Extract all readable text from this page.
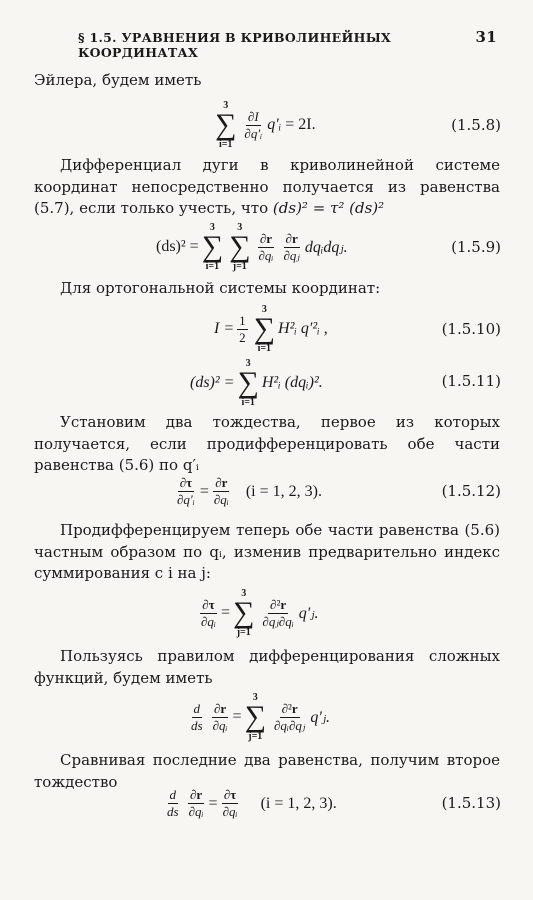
§ 1.5. УРАВНЕНИЯ В КРИВОЛИНЕЙНЫХ КООРДИНАТАХ
31
Эйлера, будем иметь
3
∑
i=1
$\frac{\partial I}{\text{∂q′ᵢ}}$ q′ᵢ
= 2I.	(1.5.8)
Дифференциал дуги в криволинейной системе координат непосредственно получается из равенства (5.7), если только учесть, что (ds)² = τ² (ds)²
(ds)² =
3
∑
i=1
3
∑
j=1
$\frac{\partial r}{\text{∂qᵢ}} \frac{\partial r}{\text{∂qⱼ}}$ dqᵢdqⱼ.	(1.5.9)
Для ортогональной системы координат:
$I = \frac{1}{2}$
3
∑
i=1
H²ᵢ q′²ᵢ ,	(1.5.10)
(ds)² =
3
∑
i=1
H²ᵢ (dqᵢ)².	(1.5.11)
Установим два тождества, первое из которых получается, если продифференцировать обе части равенства (5.6) по q′ᵢ
$\frac{\partial\tau}{\text{∂q′ᵢ}} = \frac{\partial r}{\text{∂qᵢ}} (i = 1$, 2, 3).	(1.5.12)
Продифференцируем теперь обе части равенства (5.6) частным образом по qᵢ, изменив предварительно индекс суммирования с i на j:
$\frac{\partial\tau}{\text{∂qᵢ}}$ =
3
∑
j=1
$\frac{\text{∂²r}}{\text{∂qⱼ∂qᵢ}}$ q′ⱼ.
Пользуясь правилом дифференцирования сложных функций, будем иметь
$\frac{d}{ds} \frac{\partial r}{\text{∂qᵢ}}$ =
3
∑
j=1
$\frac{\text{∂²r}}{\text{∂qᵢ∂qⱼ}}$ q′ⱼ.
Сравнивая последние два равенства, получим второе тождество
$\frac{d}{ds} \frac{\partial r}{\text{∂qᵢ}} = \frac{\partial\tau}{\text{∂qᵢ}} (i = 1$, 2, 3).	(1.5.13)
